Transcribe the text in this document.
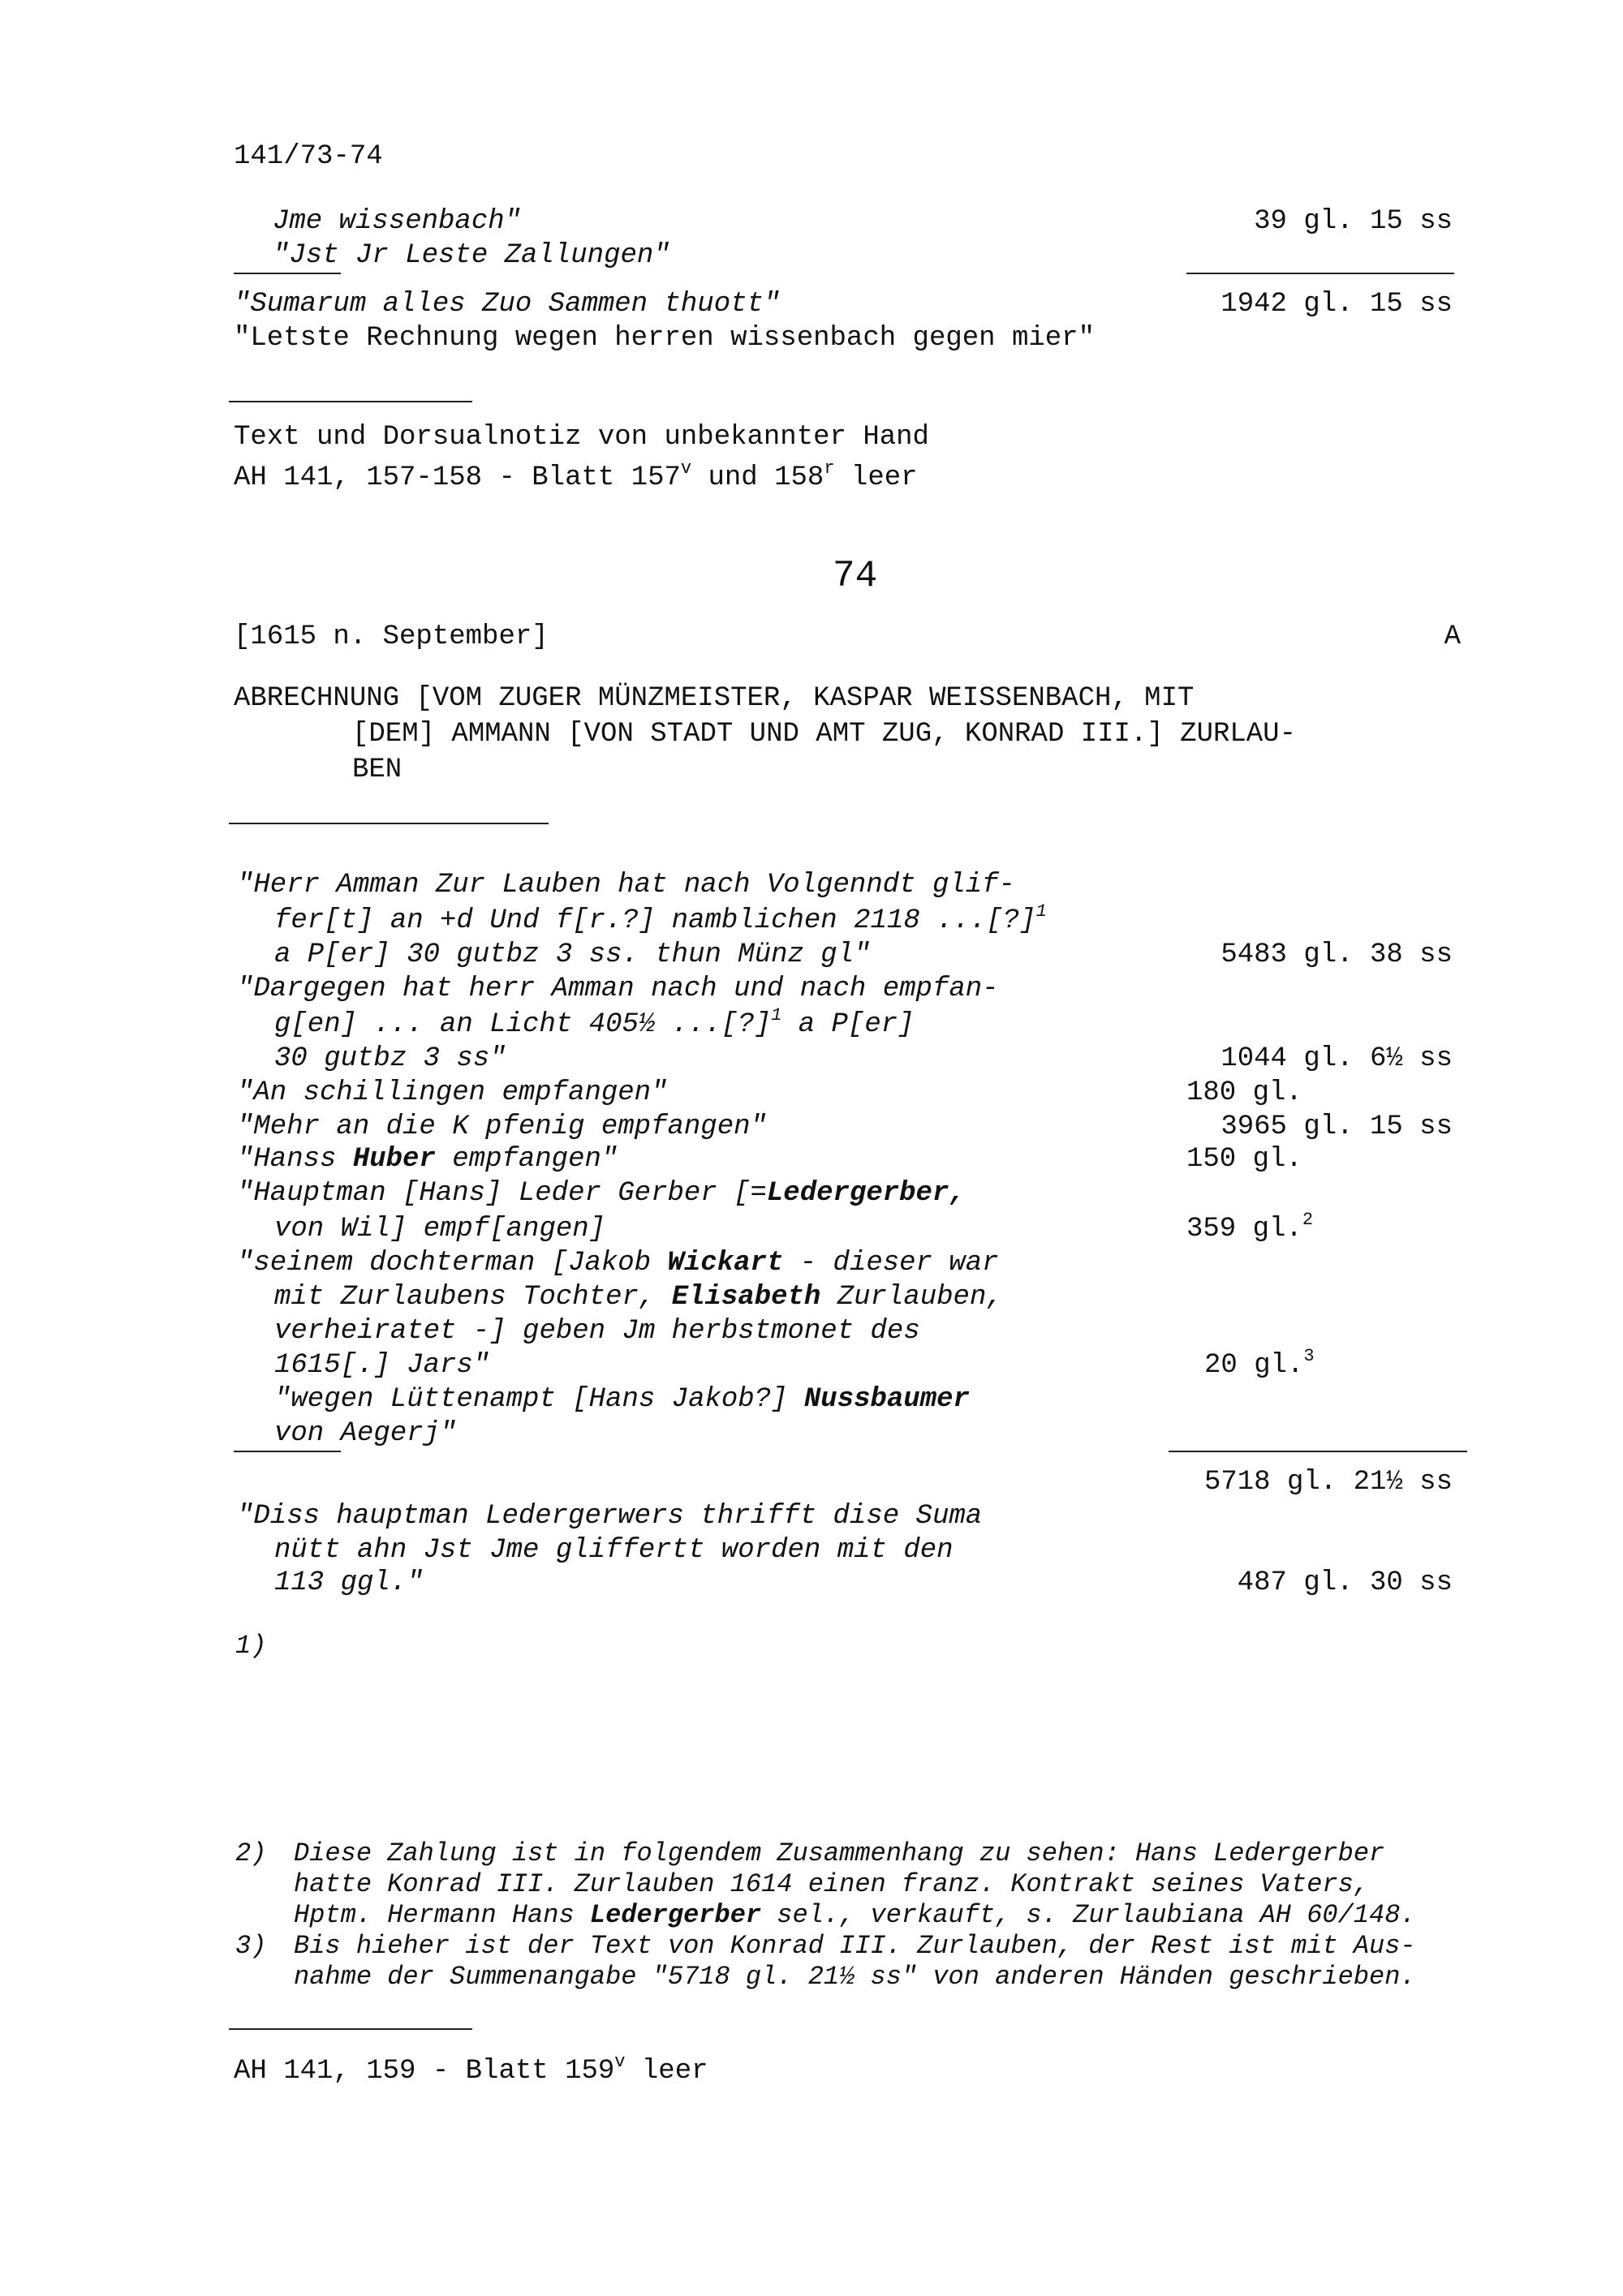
141/73-74
Jme wissenbach"	39 gl. 15 ss
"Jst Jr Leste Zallungen"
"Sumarum alles Zuo Sammen thuott"	1942 gl. 15 ss
"Letste Rechnung wegen herren wissenbach gegen mier"
Text und Dorsualnotiz von unbekannter Hand
AH 141, 157-158 - Blatt 157$^v$ und 158$^r$ leer
74
[1615 n. September]	A
ABRECHNUNG [VOM ZUGER MÜNZMEISTER, KASPAR WEISSENBACH, MIT
[DEM] AMMANN [VON STADT UND AMT ZUG, KONRAD III.] ZURLAU-
BEN
"Herr Amman Zur Lauben hat nach Volgenndt glif-
fer[t] an +d Und f[r.?] namblichen 2118 ...[?]$^1$
a P[er] 30 gutbz 3 ss. thun Münz gl"	5483 gl. 38 ss
"Dargegen hat herr Amman nach und nach empfan-
g[en] ... an Licht 405½ ...[?]$^1$ a P[er]
30 gutbz 3 ss"	1044 gl. 6½ ss
"An schillingen empfangen"	180 gl.
"Mehr an die K pfenig empfangen"	3965 gl. 15 ss
"Hanss Huber empfangen"	150 gl.
"Hauptman [Hans] Leder Gerber [=Ledergerber,
von Wil] empf[angen]	359 gl.$^2$
"seinem dochterman [Jakob Wickart - dieser war
mit Zurlaubens Tochter, Elisabeth Zurlauben,
verheiratet -] geben Jm herbstmonet des
1615[.] Jars"	20 gl.$^3$
"wegen Lüttenampt [Hans Jakob?] Nussbaumer
von Aegerj"
5718 gl. 21½ ss
"Diss hauptman Ledergerwers thrifft dise Suma
nütt ahn Jst Jme gliffertt worden mit den
113 ggl."	487 gl. 30 ss
1)
2) Diese Zahlung ist in folgendem Zusammenhang zu sehen: Hans Ledergerber
hatte Konrad III. Zurlauben 1614 einen franz. Kontrakt seines Vaters,
Hptm. Hermann Hans Ledergerber sel., verkauft, s. Zurlaubiana AH 60/148.
3) Bis hieher ist der Text von Konrad III. Zurlauben, der Rest ist mit Aus-
nahme der Summenangabe "5718 gl. 21½ ss" von anderen Händen geschrieben.
AH 141, 159 - Blatt 159$^v$ leer
